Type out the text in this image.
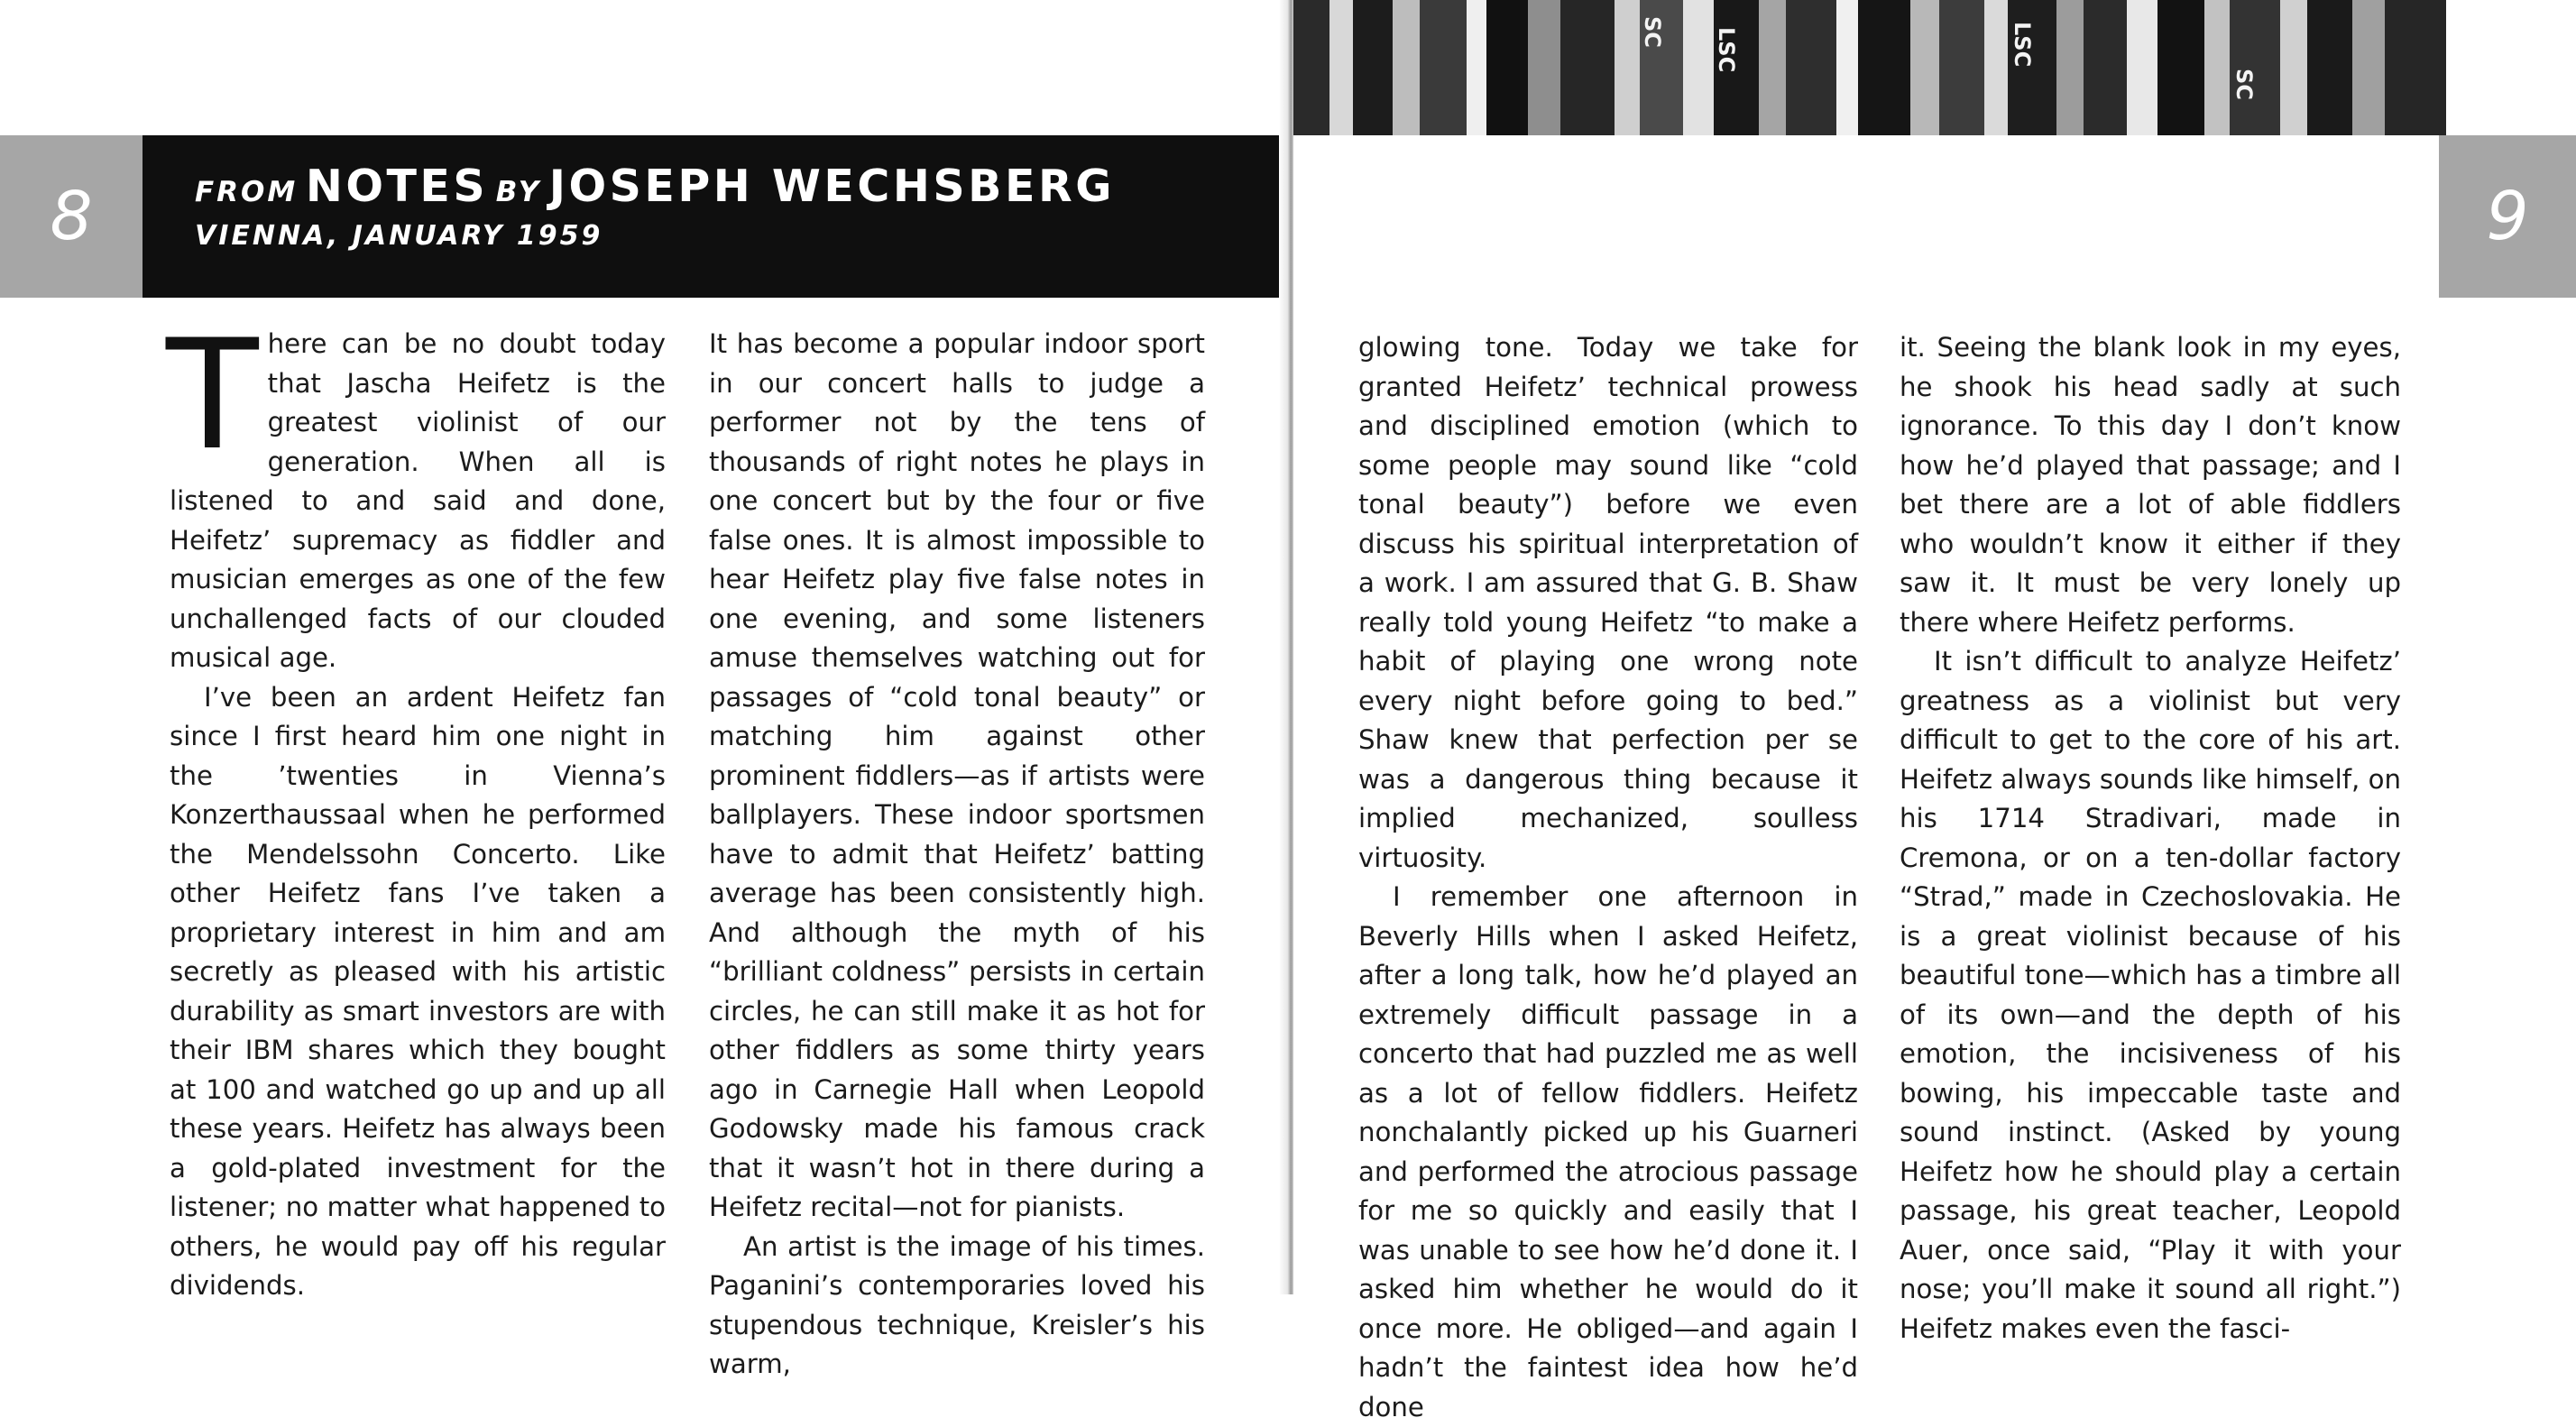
8	FROM NOTES BY JOSEPH WECHSBERG
VIENNA, JANUARY 1959

There can be no doubt today that Jascha Heifetz is the greatest violinist of our generation. When all is listened to and said and done, Heifetz’ supremacy as fiddler and musician emerges as one of the few unchallenged facts of our clouded musical age.

I’ve been an ardent Heifetz fan since I first heard him one night in the ’twenties in Vienna’s Konzerthaussaal when he performed the Mendelssohn Concerto. Like other Heifetz fans I’ve taken a proprietary interest in him and am secretly as pleased with his artistic durability as smart investors are with their IBM shares which they bought at 100 and watched go up and up all these years. Heifetz has always been a gold-plated investment for the listener; no matter what happened to others, he would pay off his regular dividends.

It has become a popular indoor sport in our concert halls to judge a performer not by the tens of thousands of right notes he plays in one concert but by the four or five false ones. It is almost impossible to hear Heifetz play five false notes in one evening, and some listeners amuse themselves watching out for passages of “cold tonal beauty” or matching him against other prominent fiddlers—as if artists were ballplayers. These indoor sportsmen have to admit that Heifetz’ batting average has been consistently high. And although the myth of his “brilliant coldness” persists in certain circles, he can still make it as hot for other fiddlers as some thirty years ago in Carnegie Hall when Leopold Godowsky made his famous crack that it wasn’t hot in there during a Heifetz recital—not for pianists.

An artist is the image of his times. Paganini’s contemporaries loved his stupendous technique, Kreisler’s his warm,

SC LSC	LSC
SC
9

glowing tone. Today we take for granted Heifetz’ technical prowess and disciplined emotion (which to some people may sound like “cold tonal beauty”) before we even discuss his spiritual interpretation of a work. I am assured that G. B. Shaw really told young Heifetz “to make a habit of playing one wrong note every night before going to bed.” Shaw knew that perfection per se was a dangerous thing because it implied mechanized, soulless virtuosity.

I remember one afternoon in Beverly Hills when I asked Heifetz, after a long talk, how he’d played an extremely difficult passage in a concerto that had puzzled me as well as a lot of fellow fiddlers. Heifetz nonchalantly picked up his Guarneri and performed the atrocious passage for me so quickly and easily that I was unable to see how he’d done it. I asked him whether he would do it once more. He obliged—and again I hadn’t the faintest idea how he’d done

it. Seeing the blank look in my eyes, he shook his head sadly at such ignorance. To this day I don’t know how he’d played that passage; and I bet there are a lot of able fiddlers who wouldn’t know it either if they saw it. It must be very lonely up there where Heifetz performs.

It isn’t difficult to analyze Heifetz’ greatness as a violinist but very difficult to get to the core of his art. Heifetz always sounds like himself, on his 1714 Stradivari, made in Cremona, or on a ten-dollar factory “Strad,” made in Czechoslovakia. He is a great violinist because of his beautiful tone—which has a timbre all of its own—and the depth of his emotion, the incisiveness of his bowing, his impeccable taste and sound instinct. (Asked by young Heifetz how he should play a certain passage, his great teacher, Leopold Auer, once said, “Play it with your nose; you’ll make it sound all right.”) Heifetz makes even the fasci-
